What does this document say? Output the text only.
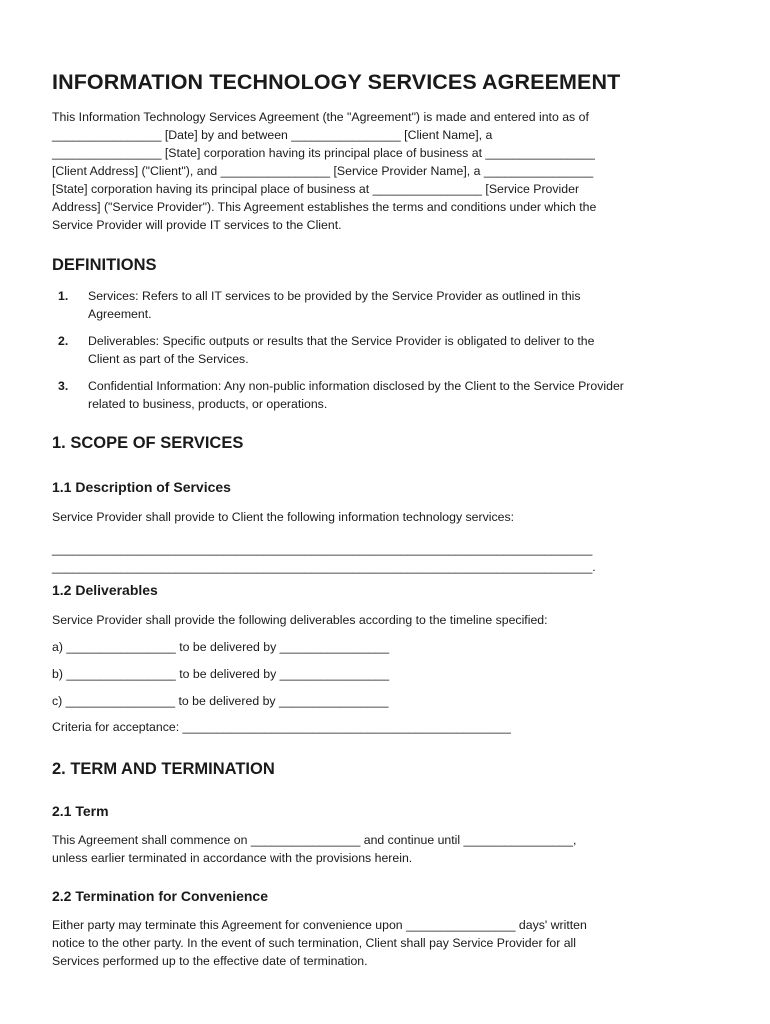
INFORMATION TECHNOLOGY SERVICES AGREEMENT

This Information Technology Services Agreement (the "Agreement") is made and entered into as of

________________ [Date] by and between ________________ [Client Name], a

________________ [State] corporation having its principal place of business at ________________

[Client Address] ("Client"), and ________________ [Service Provider Name], a ________________

[State] corporation having its principal place of business at ________________ [Service Provider

Address] ("Service Provider"). This Agreement establishes the terms and conditions under which the

Service Provider will provide IT services to the Client.

DEFINITIONS
1. Services: Refers to all IT services to be provided by the Service Provider as outlined in this
Agreement.
2. Deliverables: Specific outputs or results that the Service Provider is obligated to deliver to the
Client as part of the Services.
3. Confidential Information: Any non-public information disclosed by the Client to the Service Provider
related to business, products, or operations.
1. SCOPE OF SERVICES
1.1 Description of Services

Service Provider shall provide to Client the following information technology services:

_______________________________________________________________________________

_______________________________________________________________________________.

1.2 Deliverables

Service Provider shall provide the following deliverables according to the timeline specified:

a) ________________ to be delivered by ________________

b) ________________ to be delivered by ________________

c) ________________ to be delivered by ________________

Criteria for acceptance: ________________________________________________

2. TERM AND TERMINATION
2.1 Term

This Agreement shall commence on ________________ and continue until ________________,

unless earlier terminated in accordance with the provisions herein.

2.2 Termination for Convenience

Either party may terminate this Agreement for convenience upon ________________ days' written

notice to the other party. In the event of such termination, Client shall pay Service Provider for all

Services performed up to the effective date of termination.
